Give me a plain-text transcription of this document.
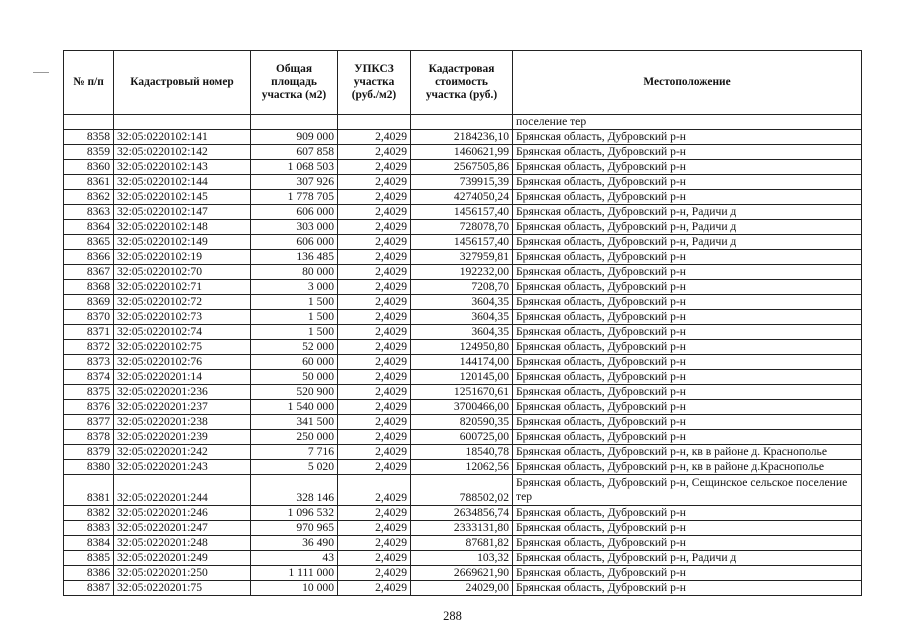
№ п/п	Кадастровый номер	Общая площадь участка (м2)	УПКСЗ участка (руб./м2)	Кадастровая стоимость участка (руб.)	Местоположение
					поселение тер
8358	32:05:0220102:141	909 000	2,4029	2184236,10	Брянская область, Дубровский р-н
8359	32:05:0220102:142	607 858	2,4029	1460621,99	Брянская область, Дубровский р-н
8360	32:05:0220102:143	1 068 503	2,4029	2567505,86	Брянская область, Дубровский р-н
8361	32:05:0220102:144	307 926	2,4029	739915,39	Брянская область, Дубровский р-н
8362	32:05:0220102:145	1 778 705	2,4029	4274050,24	Брянская область, Дубровский р-н
8363	32:05:0220102:147	606 000	2,4029	1456157,40	Брянская область, Дубровский р-н, Радичи д
8364	32:05:0220102:148	303 000	2,4029	728078,70	Брянская область, Дубровский р-н, Радичи д
8365	32:05:0220102:149	606 000	2,4029	1456157,40	Брянская область, Дубровский р-н, Радичи д
8366	32:05:0220102:19	136 485	2,4029	327959,81	Брянская область, Дубровский р-н
8367	32:05:0220102:70	80 000	2,4029	192232,00	Брянская область, Дубровский р-н
8368	32:05:0220102:71	3 000	2,4029	7208,70	Брянская область, Дубровский р-н
8369	32:05:0220102:72	1 500	2,4029	3604,35	Брянская область, Дубровский р-н
8370	32:05:0220102:73	1 500	2,4029	3604,35	Брянская область, Дубровский р-н
8371	32:05:0220102:74	1 500	2,4029	3604,35	Брянская область, Дубровский р-н
8372	32:05:0220102:75	52 000	2,4029	124950,80	Брянская область, Дубровский р-н
8373	32:05:0220102:76	60 000	2,4029	144174,00	Брянская область, Дубровский р-н
8374	32:05:0220201:14	50 000	2,4029	120145,00	Брянская область, Дубровский р-н
8375	32:05:0220201:236	520 900	2,4029	1251670,61	Брянская область, Дубровский р-н
8376	32:05:0220201:237	1 540 000	2,4029	3700466,00	Брянская область, Дубровский р-н
8377	32:05:0220201:238	341 500	2,4029	820590,35	Брянская область, Дубровский р-н
8378	32:05:0220201:239	250 000	2,4029	600725,00	Брянская область, Дубровский р-н
8379	32:05:0220201:242	7 716	2,4029	18540,78	Брянская область, Дубровский р-н, кв в районе д. Краснополье
8380	32:05:0220201:243	5 020	2,4029	12062,56	Брянская область, Дубровский р-н, кв в районе д.Краснополье
8381	32:05:0220201:244	328 146	2,4029	788502,02	Брянская область, Дубровский р-н, Сещинское сельское поселение тер
8382	32:05:0220201:246	1 096 532	2,4029	2634856,74	Брянская область, Дубровский р-н
8383	32:05:0220201:247	970 965	2,4029	2333131,80	Брянская область, Дубровский р-н
8384	32:05:0220201:248	36 490	2,4029	87681,82	Брянская область, Дубровский р-н
8385	32:05:0220201:249	43	2,4029	103,32	Брянская область, Дубровский р-н, Радичи д
8386	32:05:0220201:250	1 111 000	2,4029	2669621,90	Брянская область, Дубровский р-н
8387	32:05:0220201:75	10 000	2,4029	24029,00	Брянская область, Дубровский р-н
288
